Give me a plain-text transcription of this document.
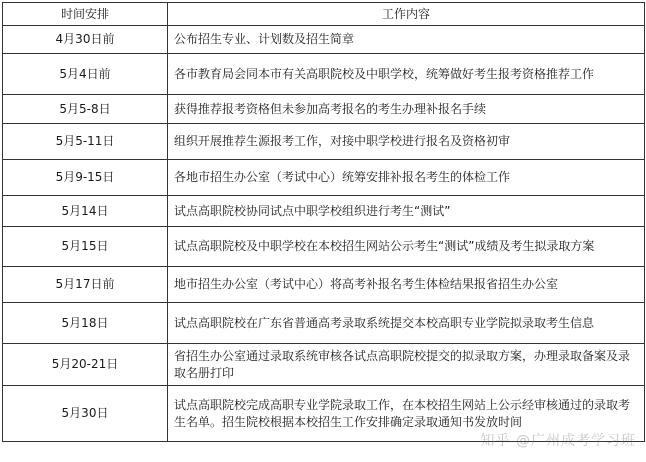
时间安排	工作内容
4月30日前	公布招生专业、计划数及招生简章
5月4日前	各市教育局会同本市有关高职院校及中职学校，统筹做好考生报考资格推荐工作
5月5-8日	获得推荐报考资格但未参加高考报名的考生办理补报名手续
5月5-11日	组织开展推荐生源报考工作，对接中职学校进行报名及资格初审
5月9-15日	各地市招生办公室（考试中心）统筹安排补报名考生的体检工作
5月14日	试点高职院校协同试点中职学校组织进行考生“测试”
5月15日	试点高职院校及中职学校在本校招生网站公示考生“测试”成绩及考生拟录取方案
5月17日前	地市招生办公室（考试中心）将高考补报名考生体检结果报省招生办公室
5月18日	试点高职院校在广东省普通高考录取系统提交本校高职专业学院拟录取考生信息
5月20-21日	省招生办公室通过录取系统审核各试点高职院校提交的拟录取方案，办理录取备案及录取名册打印
5月30日	试点高职院校完成高职专业学院录取工作，在本校招生网站上公示经审核通过的录取考生名单。招生院校根据本校招生工作安排确定录取通知书发放时间
知乎 @广州成考学习班
